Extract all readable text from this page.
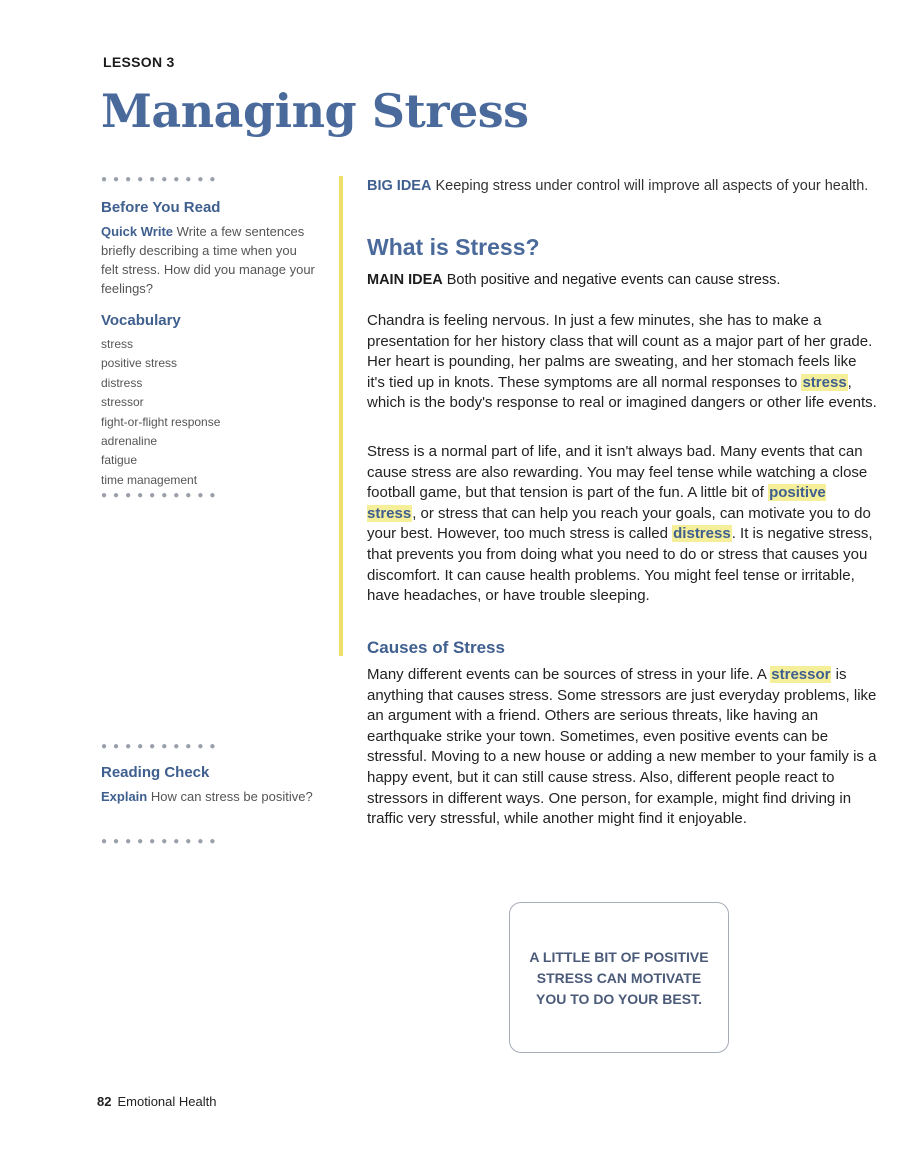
LESSON 3
Managing Stress
●●●●●●●●●●
Before You Read

Quick Write Write a few sentences briefly describing a time when you felt stress. How did you manage your feelings?

Vocabulary
stress
positive stress
distress
stressor
fight-or-flight response
adrenaline
fatigue
time management
●●●●●●●●●●
●●●●●●●●●●
Reading Check

Explain How can stress be positive?

●●●●●●●●●●
BIG IDEA Keeping stress under control will improve all aspects of your health.
What is Stress?
MAIN IDEA Both positive and negative events can cause stress.

Chandra is feeling nervous. In just a few minutes, she has to make a presentation for her history class that will count as a major part of her grade. Her heart is pounding, her palms are sweating, and her stomach feels like it's tied up in knots. These symptoms are all normal responses to stress, which is the body's response to real or imagined dangers or other life events.

Stress is a normal part of life, and it isn't always bad. Many events that can cause stress are also rewarding. You may feel tense while watching a close football game, but that tension is part of the fun. A little bit of positive stress, or stress that can help you reach your goals, can motivate you to do your best. However, too much stress is called distress. It is negative stress, that prevents you from doing what you need to do or stress that causes you discomfort. It can cause health problems. You might feel tense or irritable, have headaches, or have trouble sleeping.

Causes of Stress

Many different events can be sources of stress in your life. A stressor is anything that causes stress. Some stressors are just everyday problems, like an argument with a friend. Others are serious threats, like having an earthquake strike your town. Sometimes, even positive events can be stressful. Moving to a new house or adding a new member to your family is a happy event, but it can still cause stress. Also, different people react to stressors in different ways. One person, for example, might find driving in traffic very stressful, while another might find it enjoyable.

A LITTLE BIT OF POSITIVE
STRESS CAN MOTIVATE
YOU TO DO YOUR BEST.
82 Emotional Health
